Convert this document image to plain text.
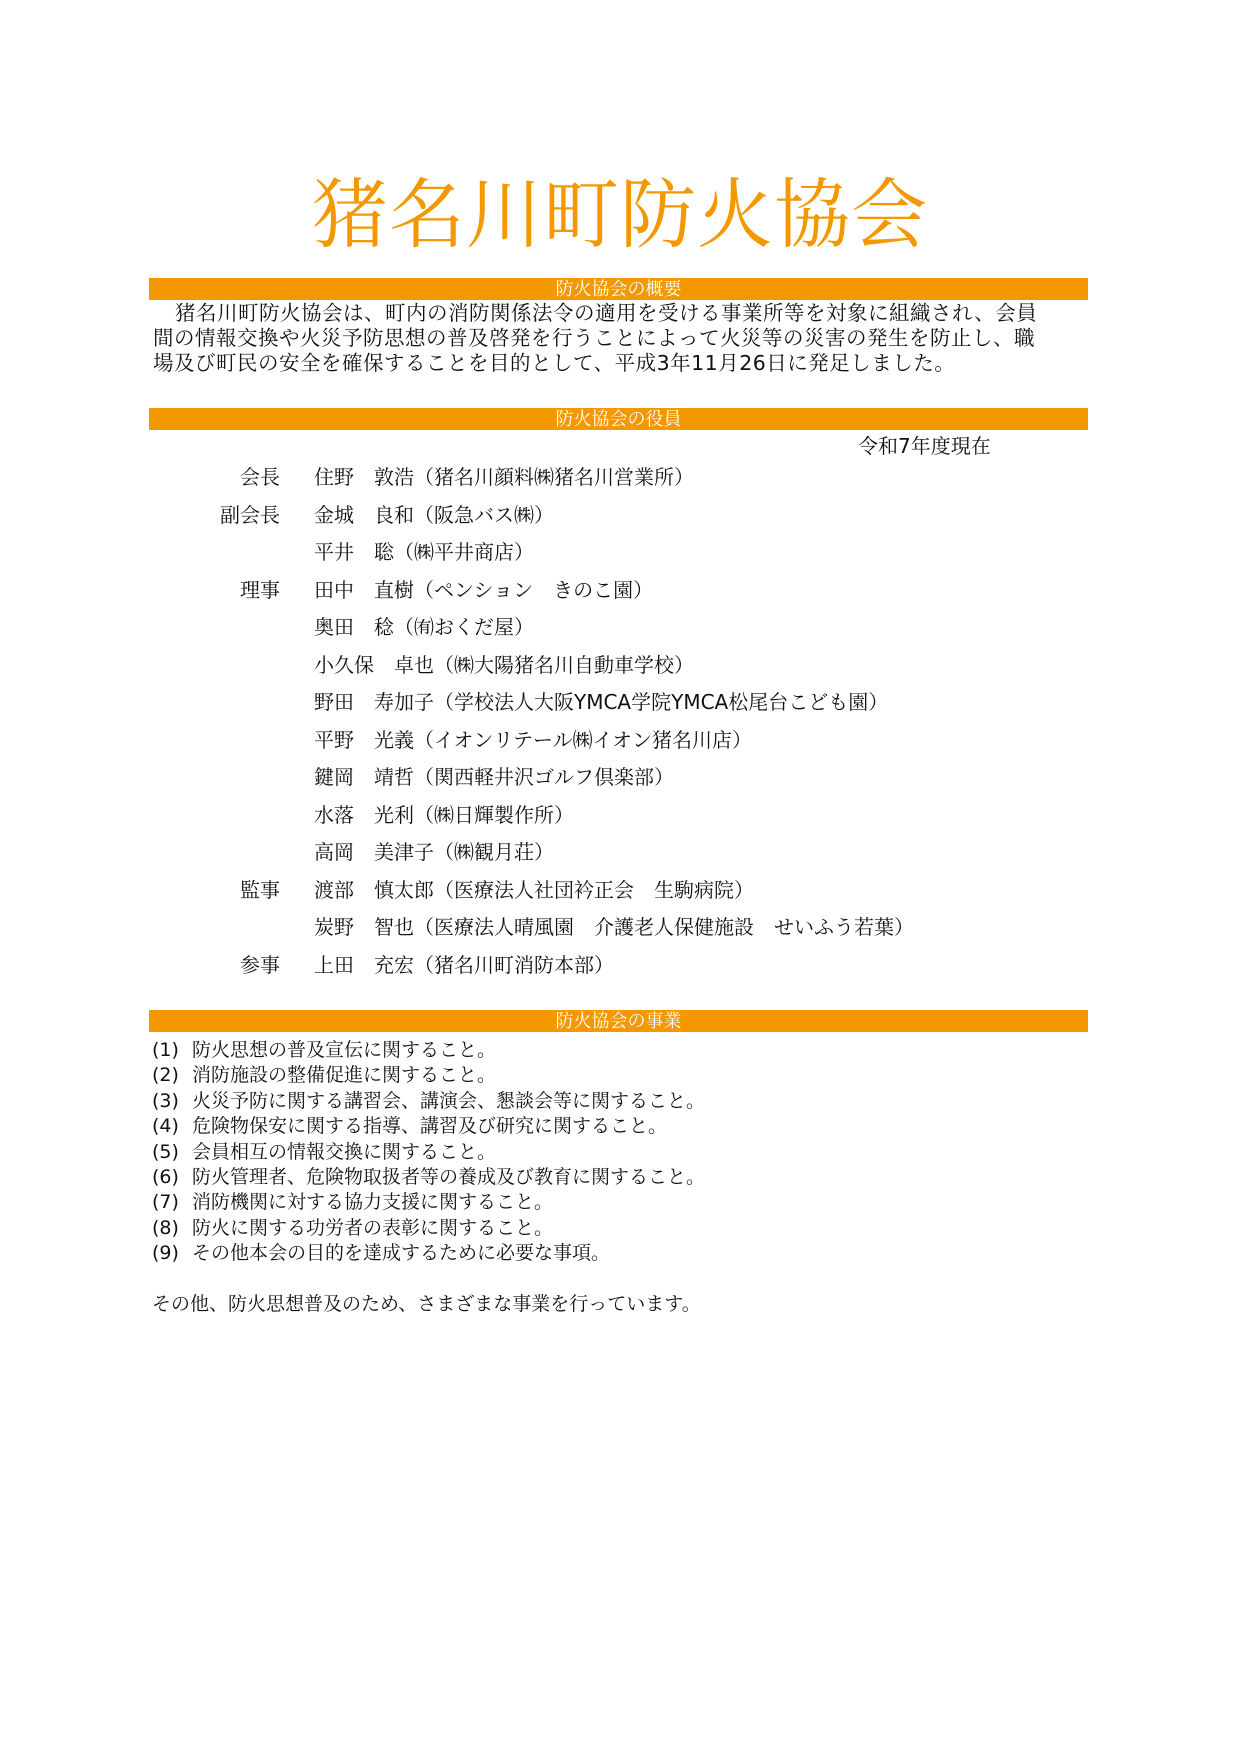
猪名川町防火協会
防火協会の概要
猪名川町防火協会は、町内の消防関係法令の適用を受ける事業所等を対象に組織され、会員
間の情報交換や火災予防思想の普及啓発を行うことによって火災等の災害の発生を防止し、職
場及び町民の安全を確保することを目的として、平成3年11月26日に発足しました。
防火協会の役員
令和7年度現在
会長 住野　敦浩（猪名川顔料㈱猪名川営業所）
副会長 金城　良和（阪急バス㈱）
平井　聡（㈱平井商店）
理事 田中　直樹（ペンション　きのこ園）
奥田　稔（㈲おくだ屋）
小久保　卓也（㈱大陽猪名川自動車学校）
野田　寿加子（学校法人大阪YMCA学院YMCA松尾台こども園）
平野　光義（イオンリテール㈱イオン猪名川店）
鍵岡　靖哲（関西軽井沢ゴルフ倶楽部）
水落　光利（㈱日輝製作所）
高岡　美津子（㈱観月荘）
監事 渡部　慎太郎（医療法人社団衿正会　生駒病院）
炭野　智也（医療法人晴風園　介護老人保健施設　せいふう若葉）
参事 上田　充宏（猪名川町消防本部）
防火協会の事業
(1) 防火思想の普及宣伝に関すること。
(2) 消防施設の整備促進に関すること。
(3) 火災予防に関する講習会、講演会、懇談会等に関すること。
(4) 危険物保安に関する指導、講習及び研究に関すること。
(5) 会員相互の情報交換に関すること。
(6) 防火管理者、危険物取扱者等の養成及び教育に関すること。
(7) 消防機関に対する協力支援に関すること。
(8) 防火に関する功労者の表彰に関すること。
(9) その他本会の目的を達成するために必要な事項。
その他、防火思想普及のため、さまざまな事業を行っています。
